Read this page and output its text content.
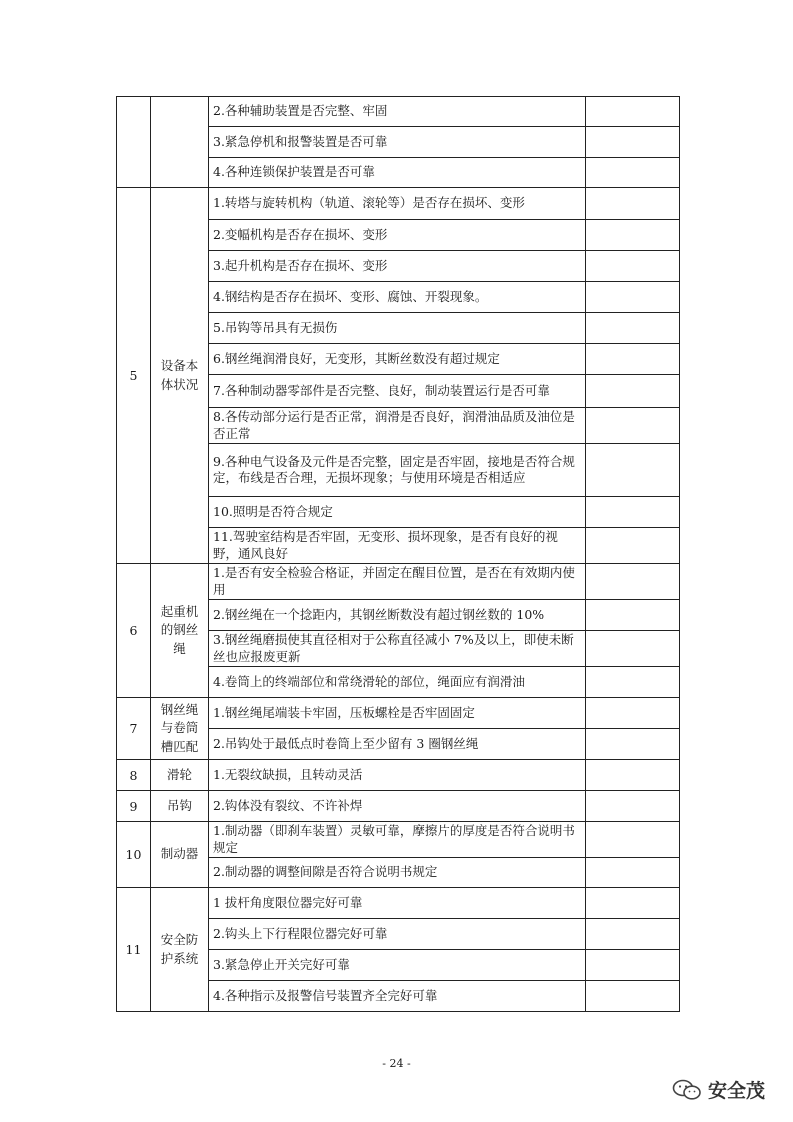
		2.各种辅助装置是否完整、牢固	
		3.紧急停机和报警装置是否可靠	
		4.各种连锁保护装置是否可靠	
5	设备本体状况	1.转塔与旋转机构（轨道、滚轮等）是否存在损坏、变形	
		2.变幅机构是否存在损坏、变形	
		3.起升机构是否存在损坏、变形	
		4.钢结构是否存在损坏、变形、腐蚀、开裂现象。	
		5.吊钩等吊具有无损伤	
		6.钢丝绳润滑良好，无变形，其断丝数没有超过规定	
		7.各种制动器零部件是否完整、良好，制动装置运行是否可靠	
		8.各传动部分运行是否正常，润滑是否良好，润滑油品质及油位是否正常	
		9.各种电气设备及元件是否完整，固定是否牢固，接地是否符合规定，布线是否合理，无损坏现象；与使用环境是否相适应	
		10.照明是否符合规定	
		11.驾驶室结构是否牢固，无变形、损坏现象，是否有良好的视野，通风良好	
6	起重机的钢丝绳	1.是否有安全检验合格证，并固定在醒目位置，是否在有效期内使用	
		2.钢丝绳在一个捻距内，其钢丝断数没有超过钢丝数的 10%	
		3.钢丝绳磨损使其直径相对于公称直径减小 7%及以上，即使未断丝也应报废更新	
		4.卷筒上的终端部位和常绕滑轮的部位，绳面应有润滑油	
7	钢丝绳与卷筒槽匹配	1.钢丝绳尾端装卡牢固，压板螺栓是否牢固固定	
		2.吊钩处于最低点时卷筒上至少留有 3 圈钢丝绳	
8	滑轮	1.无裂纹缺损，且转动灵活	
9	吊钩	2.钩体没有裂纹、不许补焊	
10	制动器	1.制动器（即刹车装置）灵敏可靠，摩擦片的厚度是否符合说明书规定	
		2.制动器的调整间隙是否符合说明书规定	
11	安全防护系统	1 拔杆角度限位器完好可靠	
		2.钩头上下行程限位器完好可靠	
		3.紧急停止开关完好可靠	
		4.各种指示及报警信号装置齐全完好可靠	
- 24 -
安全茂
